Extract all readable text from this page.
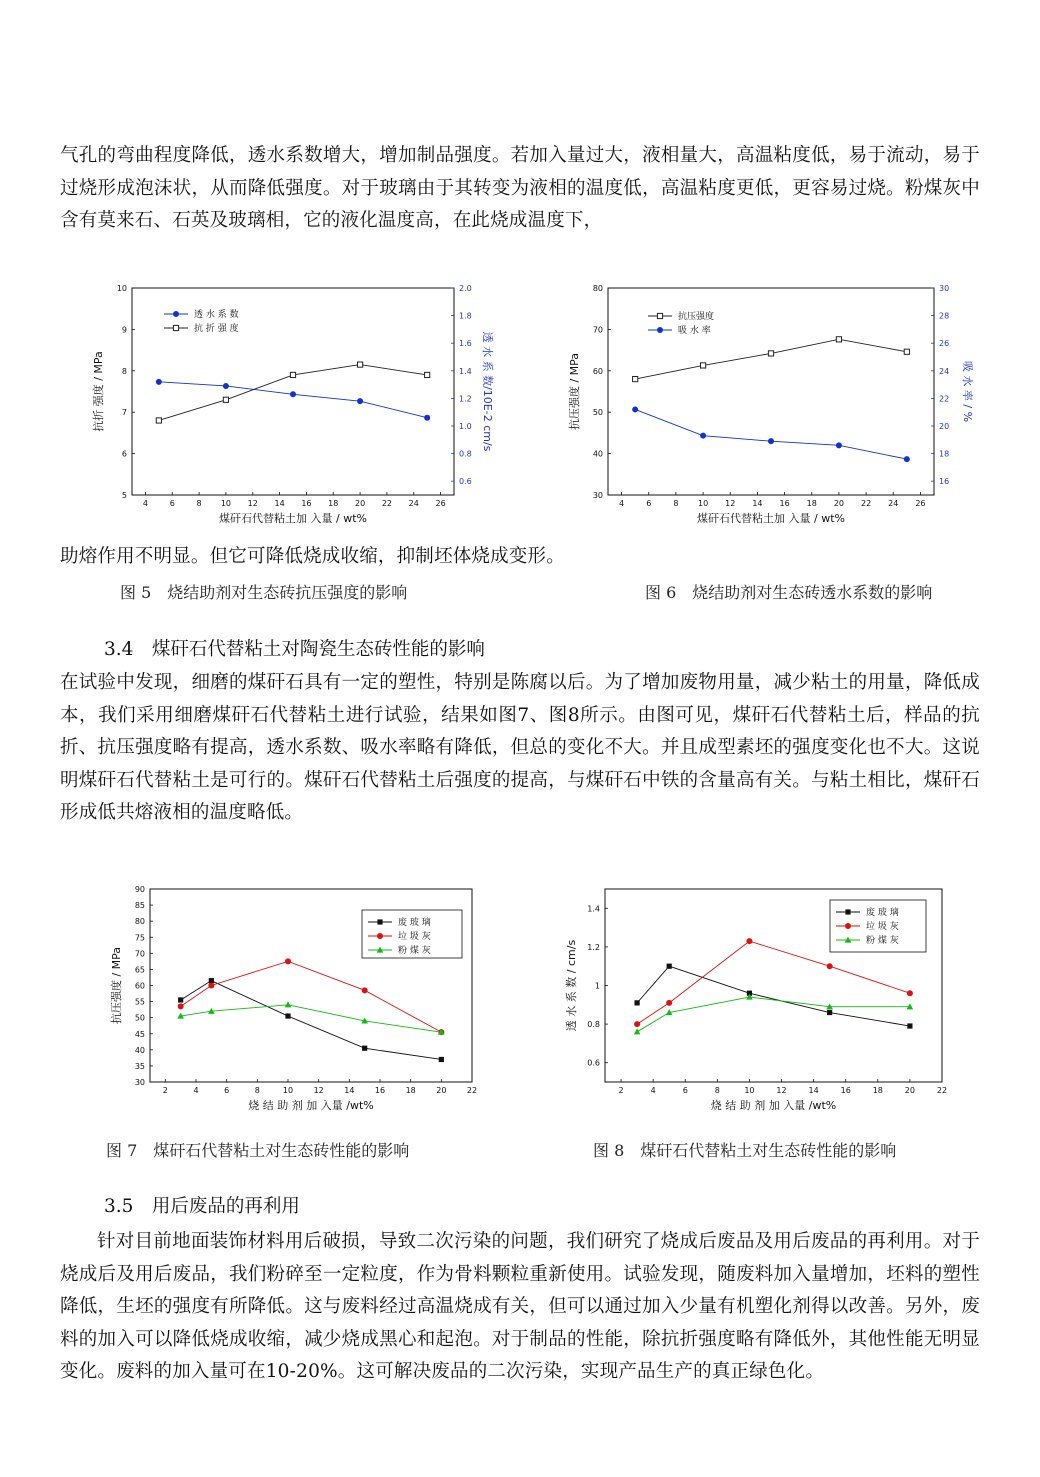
气孔的弯曲程度降低，透水系数增大，增加制品强度。若加入量过大，液相量大，高温粘度低，易于流动，易于过烧形成泡沫状，从而降低强度。对于玻璃由于其转变为液相的温度低，高温粘度更低，更容易过烧。粉煤灰中含有莫来石、石英及玻璃相，它的液化温度高，在此烧成温度下，

4	6	8 10 12 14 16 18 20 22 24 26
5
6
7
8
9
10
0.6
0.8
1.0
1.2
1.4
1.6
1.8
2.0
煤矸石代替粘土加 入量 / wt%
抗折 强度 / MPa	透 水 系 数/10E-2 cm/s
透 水 系 数
抗 折 强 度
4	6	8 10 12 14 16 18 20 22 24 26
30
40
50
60
70
80
16
18
20
22
24
26
28
30
煤矸石代替粘土加 入量 / wt%
抗压强度 / MPa	吸 水 率 / %
抗压强度
吸 水 率

助熔作用不明显。但它可降低烧成收缩，抑制坯体烧成变形。

图 5　烧结助剂对生态砖抗压强度的影响	图 6　烧结助剂对生态砖透水系数的影响
3.4　煤矸石代替粘土对陶瓷生态砖性能的影响

在试验中发现，细磨的煤矸石具有一定的塑性，特别是陈腐以后。为了增加废物用量，减少粘土的用量，降低成本，我们采用细磨煤矸石代替粘土进行试验，结果如图7、图8所示。由图可见，煤矸石代替粘土后，样品的抗折、抗压强度略有提高，透水系数、吸水率略有降低，但总的变化不大。并且成型素坯的强度变化也不大。这说明煤矸石代替粘土是可行的。煤矸石代替粘土后强度的提高，与煤矸石中铁的含量高有关。与粘土相比，煤矸石形成低共熔液相的温度略低。

2	4	6	8	10	12	14	16	18	20	22
30
35
40
45
50
55
60
65
70
75
80
85
90
烧 结 助 剂 加 入量 /wt%
抗压强度 / MPa
废 玻 璃
垃 圾 灰
粉 煤 灰
2	4	6	8	10	12	14	16	18	20	22
0.6
0.8
1
1.2
1.4
烧 结 助 剂 加 入量 /wt%
透 水 系 数 / cm/s
废 玻 璃
垃 圾 灰
粉 煤 灰
图 7　煤矸石代替粘土对生态砖性能的影响	图 8　煤矸石代替粘土对生态砖性能的影响
3.5　用后废品的再利用

针对目前地面装饰材料用后破损，导致二次污染的问题，我们研究了烧成后废品及用后废品的再利用。对于烧成后及用后废品，我们粉碎至一定粒度，作为骨料颗粒重新使用。试验发现，随废料加入量增加，坯料的塑性降低，生坯的强度有所降低。这与废料经过高温烧成有关，但可以通过加入少量有机塑化剂得以改善。另外，废料的加入可以降低烧成收缩，减少烧成黑心和起泡。对于制品的性能，除抗折强度略有降低外，其他性能无明显变化。废料的加入量可在10-20%。这可解决废品的二次污染，实现产品生产的真正绿色化。
